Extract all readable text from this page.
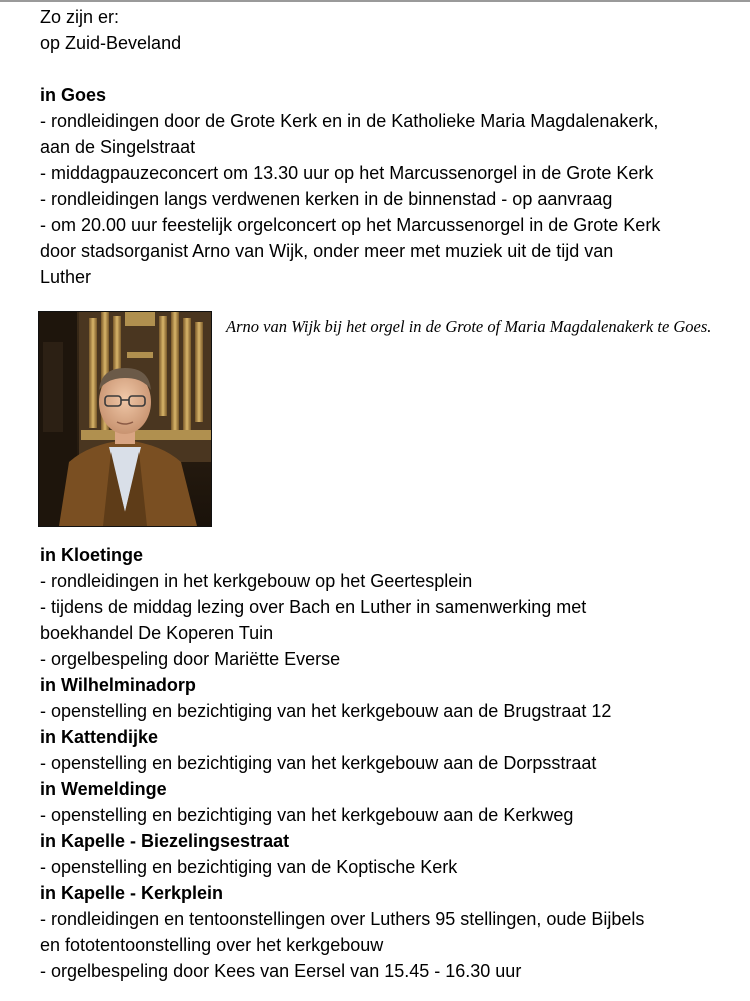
Zo zijn er:
op Zuid-Beveland
in Goes
- rondleidingen door de Grote Kerk en in de Katholieke Maria Magdalenakerk,
aan de Singelstraat
- middagpauzeconcert om 13.30 uur op het Marcussenorgel in de Grote Kerk
- rondleidingen langs verdwenen kerken in de binnenstad - op aanvraag
- om 20.00 uur feestelijk orgelconcert op het Marcussenorgel in de Grote Kerk
door stadsorganist Arno van Wijk, onder meer met muziek uit de tijd van
Luther
Arno van Wijk bij het orgel in de Grote of Maria Magdalenakerk te Goes.
in Kloetinge
- rondleidingen in het kerkgebouw op het Geertesplein
- tijdens de middag lezing over Bach en Luther in samenwerking met
boekhandel De Koperen Tuin
- orgelbespeling door Mariëtte Everse
in Wilhelminadorp
- openstelling en bezichtiging van het kerkgebouw aan de Brugstraat 12
in Kattendijke
- openstelling en bezichtiging van het kerkgebouw aan de Dorpsstraat
in Wemeldinge
- openstelling en bezichtiging van het kerkgebouw aan de Kerkweg
in Kapelle - Biezelingsestraat
- openstelling en bezichtiging van de Koptische Kerk
in Kapelle - Kerkplein
- rondleidingen en tentoonstellingen over Luthers 95 stellingen, oude Bijbels
en fototentoonstelling over het kerkgebouw
- orgelbespeling door Kees van Eersel van 15.45 - 16.30 uur
